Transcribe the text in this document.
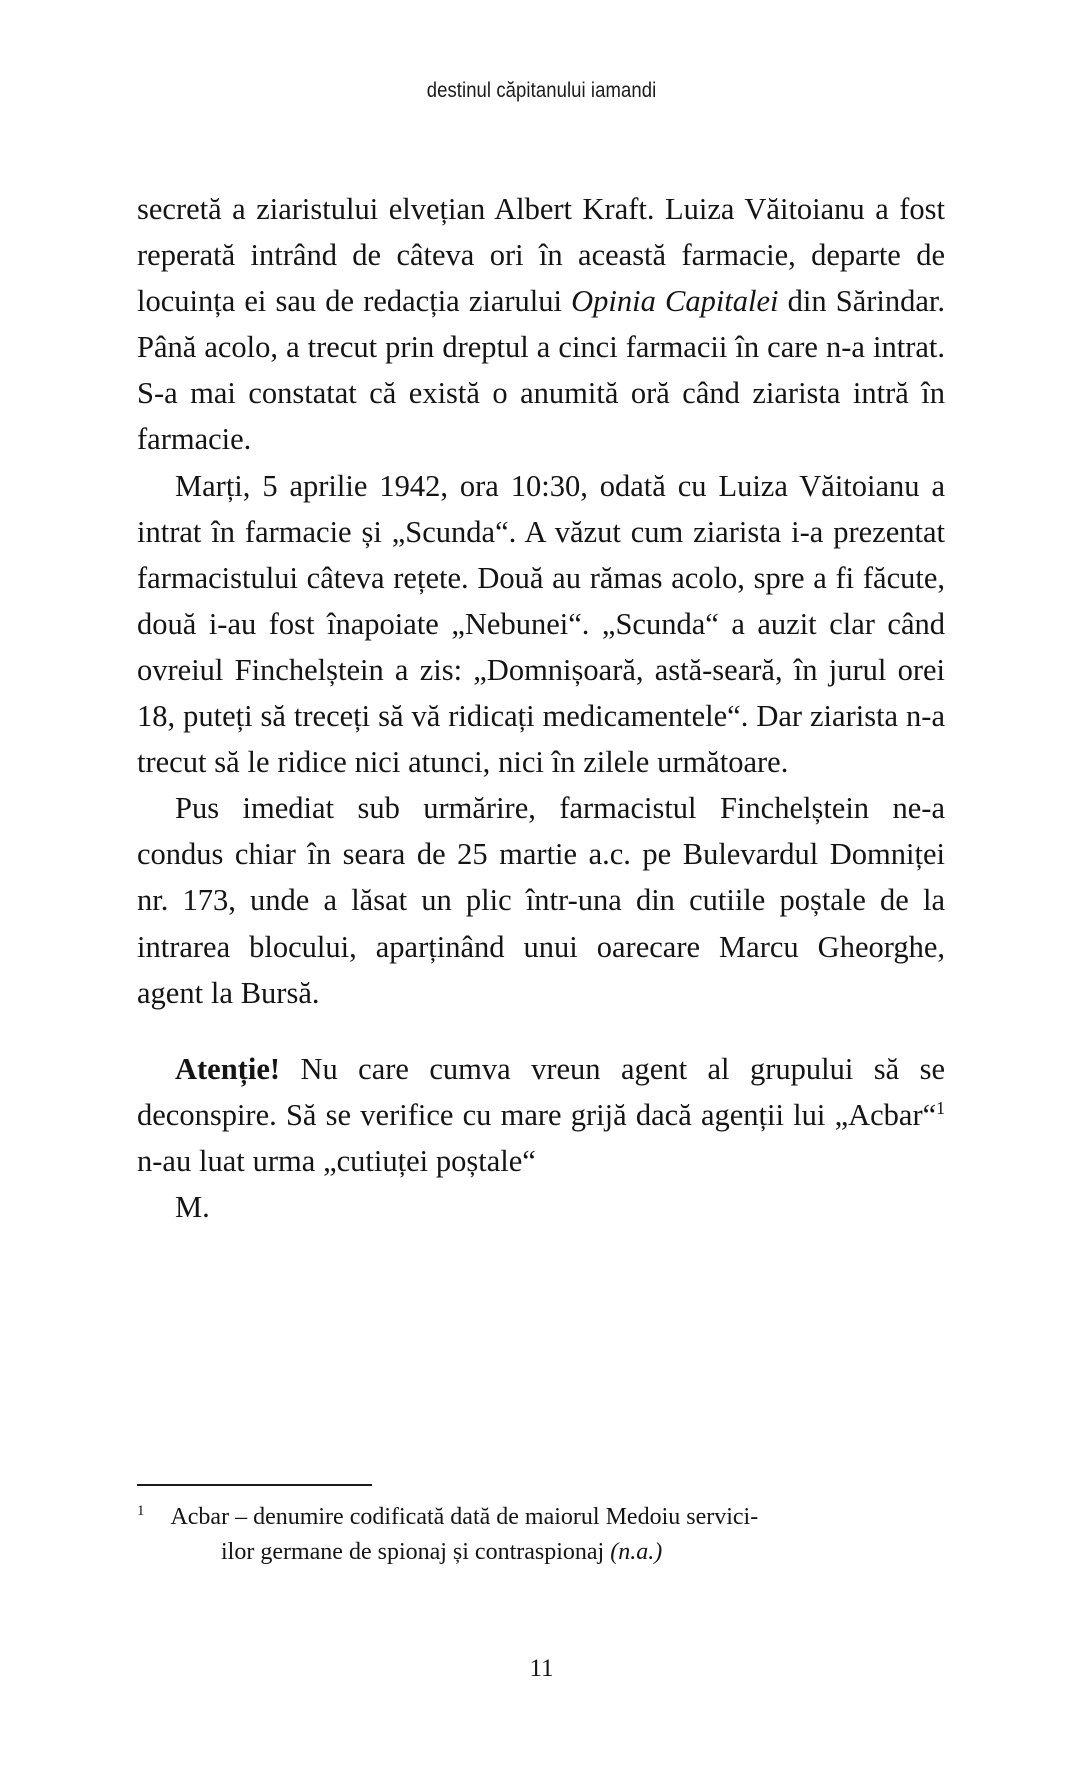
destinul căpitanului iamandi

secretă a ziaristului elvețian Albert Kraft. Luiza Văitoianu a fost reperată intrând de câteva ori în această farmacie, departe de locuința ei sau de redacția ziarului Opinia Capitalei din Sărindar. Până acolo, a trecut prin dreptul a cinci farmacii în care n-a intrat. S-a mai constatat că există o anumită oră când ziarista intră în farmacie.

Marți, 5 aprilie 1942, ora 10:30, odată cu Luiza Văitoianu a intrat în farmacie și „Scunda“. A văzut cum ziarista i-a prezentat farmacistului câteva rețete. Două au rămas acolo, spre a fi făcute, două i-au fost înapoiate „Nebunei“. „Scunda“ a auzit clar când ovreiul Finchelștein a zis: „Domnișoară, astă-seară, în jurul orei 18, puteți să treceți să vă ridicați medicamentele“. Dar ziarista n-a trecut să le ridice nici atunci, nici în zilele următoare.

Pus imediat sub urmărire, farmacistul Finchelștein ne-a condus chiar în seara de 25 martie a.c. pe Bulevardul Domniței nr. 173, unde a lăsat un plic într-una din cutiile poștale de la intrarea blocului, aparținând unui oarecare Marcu Gheorghe, agent la Bursă.

Atenție! Nu care cumva vreun agent al grupului să se deconspire. Să se verifice cu mare grijă dacă agenții lui „Acbar“$^1$ n-au luat urma „cutiuței poștale“

M.

$^1$ Acbar – denumire codificată dată de maiorul Medoiu servici-
ilor germane de spionaj și contraspionaj (n.a.)

11
